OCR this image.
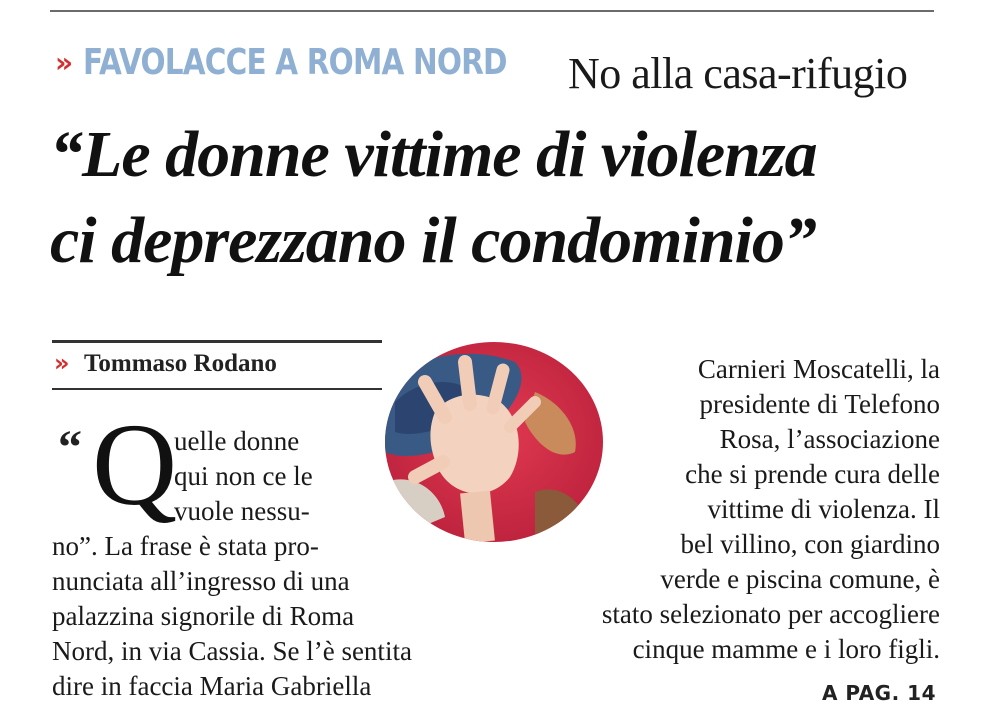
» FAVOLACCE A ROMA NORD No alla casa-rifugio
“Le donne vittime di violenza
ci deprezzano il condominio”
» Tommaso Rodano
“ Q
uelle donne
qui non ce le
vuole nessu-
no”. La frase è stata pro-
nunciata all’ingresso di una
palazzina signorile di Roma
Nord, in via Cassia. Se l’è sentita
dire in faccia Maria Gabriella
Carnieri Moscatelli, la
presidente di Telefono
Rosa, l’associazione
che si prende cura delle
vittime di violenza. Il
bel villino, con giardino
verde e piscina comune, è
stato selezionato per accogliere
cinque mamme e i loro figli.
A PAG. 14
